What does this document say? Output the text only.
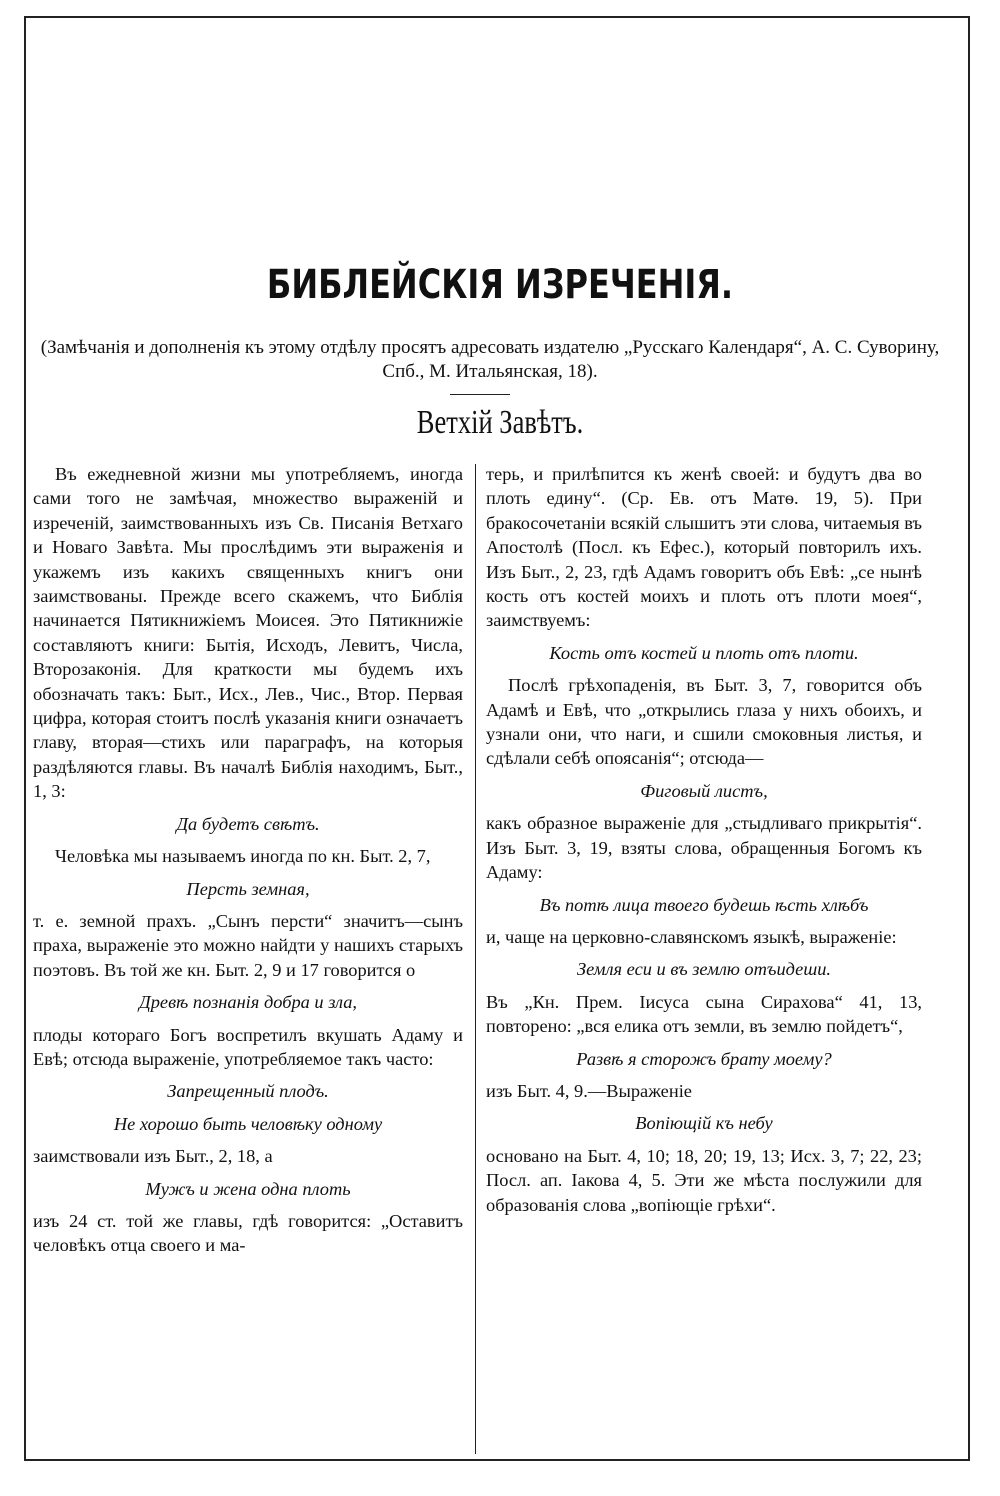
БИБЛЕЙСКІЯ ИЗРЕЧЕНІЯ.
(Замѣчанія и дополненія къ этому отдѣлу просятъ адресовать издателю „Русскаго Календаря“, А. С. Суворину, Спб., М. Итальянская, 18).
Ветхій Завѣтъ.

Въ ежедневной жизни мы употребляемъ, иногда сами того не замѣчая, множество выраженій и изреченій, заимствованныхъ изъ Св. Писанія Ветхаго и Новаго Завѣта. Мы прослѣдимъ эти выраженія и укажемъ изъ какихъ священныхъ книгъ они заимствованы. Прежде всего скажемъ, что Библія начинается Пятикнижіемъ Моисея. Это Пятикнижіе составляютъ книги: Бытія, Исходъ, Левитъ, Числа, Второзаконія. Для краткости мы будемъ ихъ обозначать такъ: Быт., Исх., Лев., Чис., Втор. Первая цифра, которая стоитъ послѣ указанія книги означаетъ главу, вторая—стихъ или параграфъ, на которыя раздѣляются главы. Въ началѣ Библія находимъ, Быт., 1, 3:

Да будетъ свѣтъ.

Человѣка мы называемъ иногда по кн. Быт. 2, 7,

Персть земная,

т. е. земной прахъ. „Сынъ персти“ значитъ—сынъ праха, выраженіе это можно найдти у нашихъ старыхъ поэтовъ. Въ той же кн. Быт. 2, 9 и 17 говорится о

Древѣ познанія добра и зла,

плоды котораго Богъ воспретилъ вкушать Адаму и Евѣ; отсюда выраженіе, употребляемое такъ часто:

Запрещенный плодъ.

Не хорошо быть человѣку одному

заимствовали изъ Быт., 2, 18, а

Мужъ и жена одна плоть

изъ 24 ст. той же главы, гдѣ говорится: „Оставитъ человѣкъ отца своего и ма-

терь, и прилѣпится къ женѣ своей: и будутъ два во плоть едину“. (Ср. Ев. отъ Матѳ. 19, 5). При бракосочетаніи всякій слышитъ эти слова, читаемыя въ Апостолѣ (Посл. къ Ефес.), который повторилъ ихъ. Изъ Быт., 2, 23, гдѣ Адамъ говоритъ объ Евѣ: „се нынѣ кость отъ костей моихъ и плоть отъ плоти моея“, заимствуемъ:

Кость отъ костей и плоть отъ плоти.

Послѣ грѣхопаденія, въ Быт. 3, 7, говорится объ Адамѣ и Евѣ, что „открылись глаза у нихъ обоихъ, и узнали они, что наги, и сшили смоковныя листья, и сдѣлали себѣ опоясанія“; отсюда—

Фиговый листъ,

какъ образное выраженіе для „стыдливаго прикрытія“. Изъ Быт. 3, 19, взяты слова, обращенныя Богомъ къ Адаму:

Въ потѣ лица твоего будешь ѣсть хлѣбъ

и, чаще на церковно-славянскомъ языкѣ, выраженіе:

Земля еси и въ землю отъидеши.

Въ „Кн. Прем. Іисуса сына Сирахова“ 41, 13, повторено: „вся елика отъ земли, въ землю пойдетъ“,

Развѣ я сторожъ брату моему?

изъ Быт. 4, 9.—Выраженіе

Вопіющій къ небу

основано на Быт. 4, 10; 18, 20; 19, 13; Исх. 3, 7; 22, 23; Посл. ап. Іакова 4, 5. Эти же мѣста послужили для образованія слова „вопіющіе грѣхи“.
